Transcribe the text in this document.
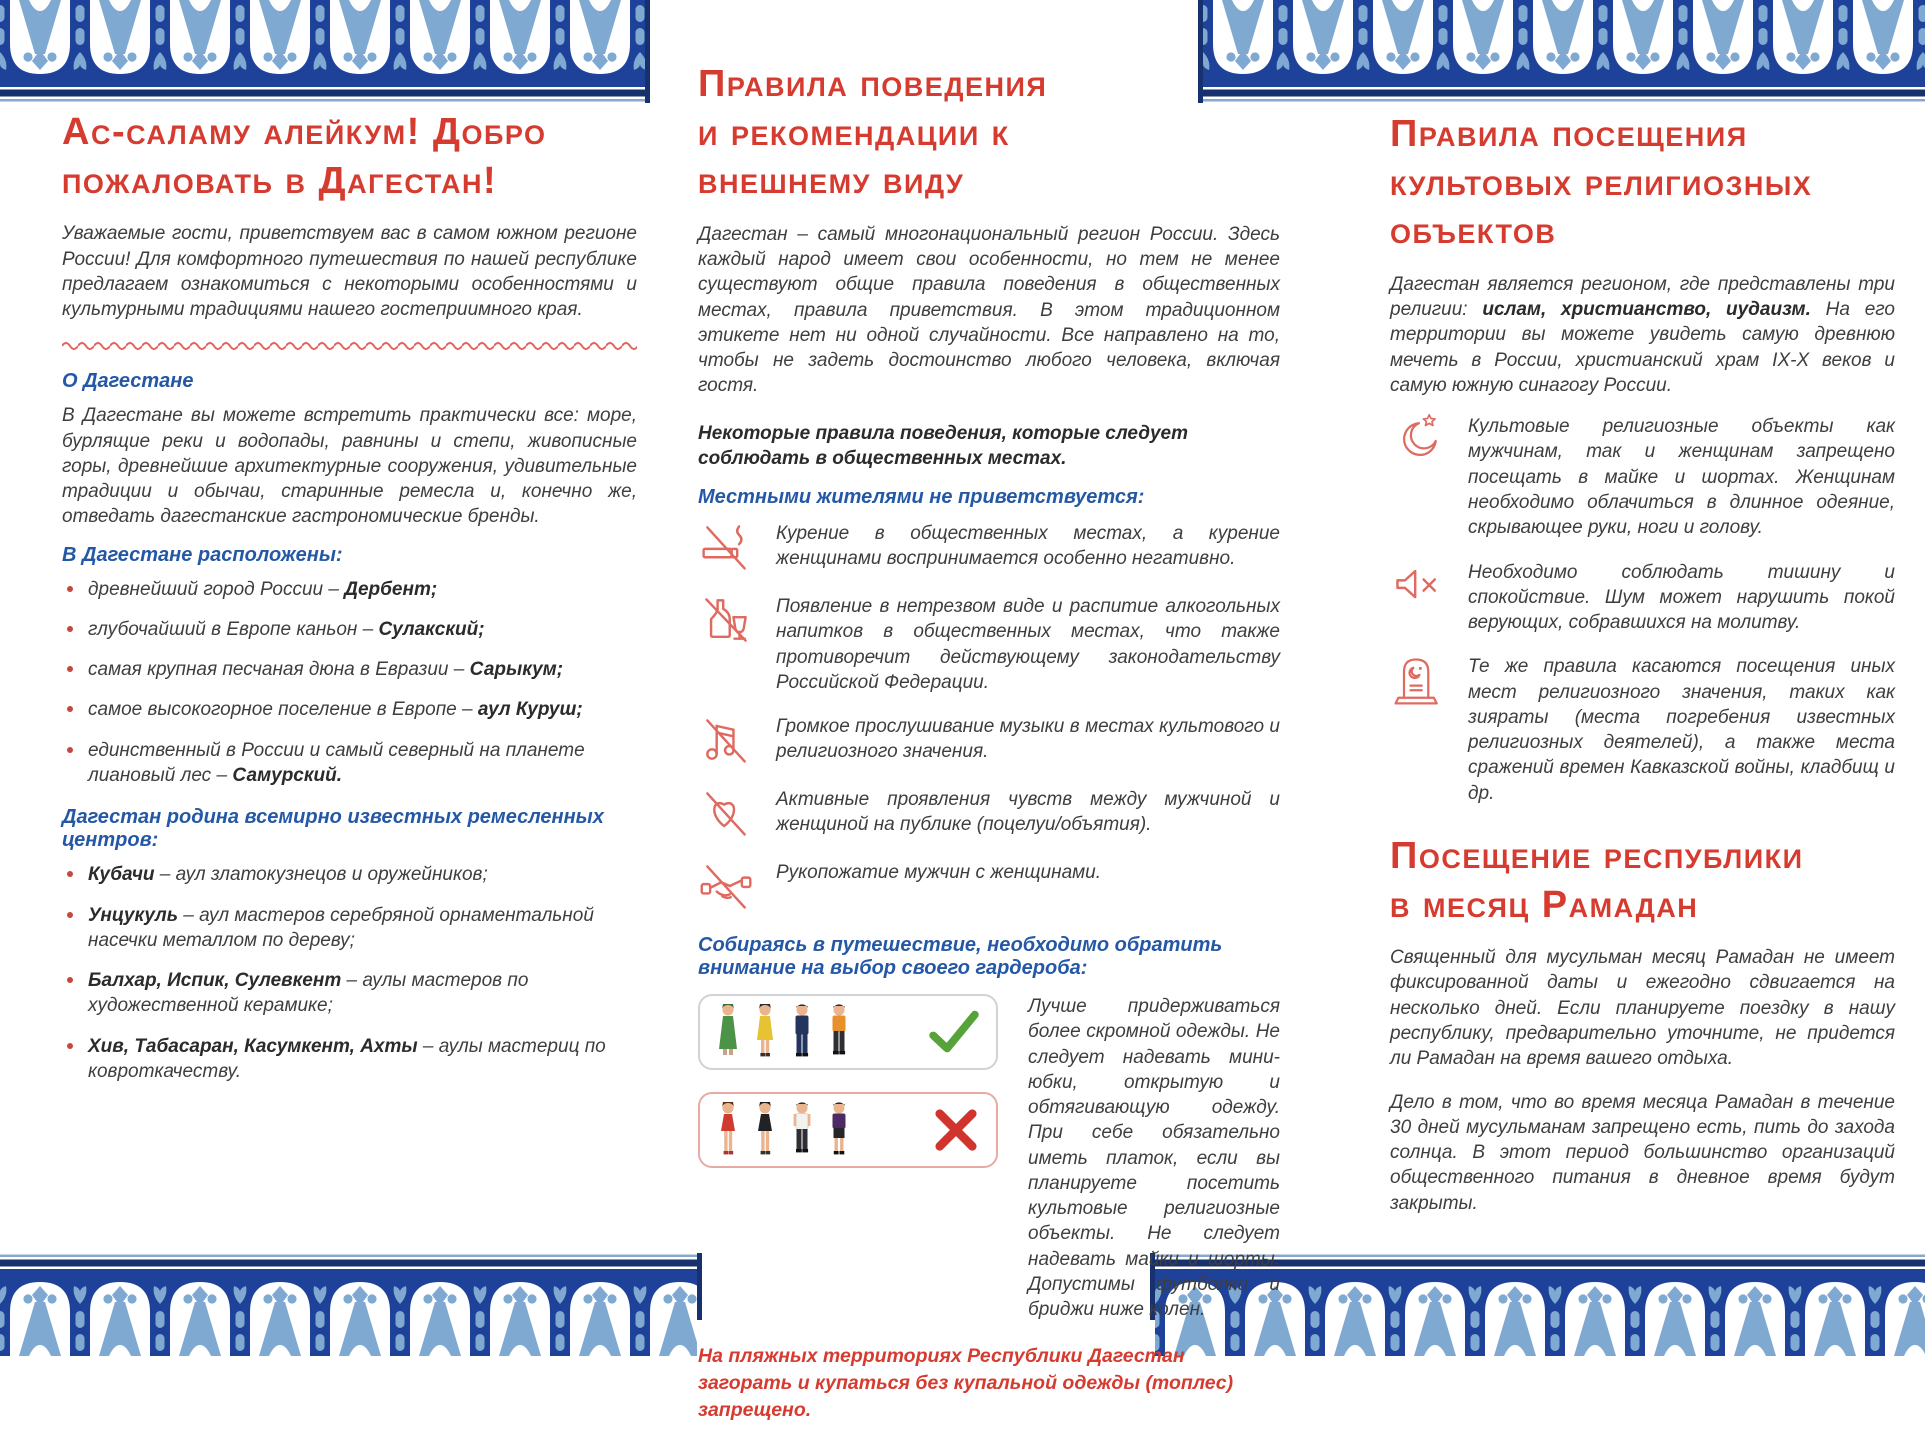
Ас-саламу алейкум! Добро
пожаловать в Дагестан!

Уважаемые гости, приветствуем вас в самом южном регионе России! Для комфортного путешествия по нашей республике предлагаем ознакомиться с некоторыми особенностями и культурными традициями нашего гостеприимного края.

О Дагестане

В Дагестане вы можете встретить практически все: море, бурлящие реки и водопады, равнины и степи, живописные горы, древнейшие архитектурные сооружения, удивительные традиции и обычаи, старинные ремесла и, конечно же, отведать дагестанские гастрономические бренды.

В Дагестане расположены:
древнейший город России – Дербент;
глубочайший в Европе каньон – Сулакский;
самая крупная песчаная дюна в Евразии – Сарыкум;
самое высокогорное поселение в Европе – аул Куруш;
единственный в России и самый северный на планете лиановый лес – Самурский.
Дагестан родина всемирно известных ремесленных центров:
Кубачи – аул златокузнецов и оружейников;
Унцукуль – аул мастеров серебряной орнаментальной насечки металлом по дереву;
Балхар, Испик, Сулевкент – аулы мастеров по художественной керамике;
Хив, Табасаран, Касумкент, Ахты – аулы мастериц по ковроткачеству.
Правила поведения
и рекомендации к
внешнему виду

Дагестан – самый многонациональный регион России. Здесь каждый народ имеет свои особенности, но тем не менее существуют общие правила поведения в общественных местах, правила приветствия. В этом традиционном этикете нет ни одной случайности. Все направлено на то, чтобы не задеть достоинство любого человека, включая гостя.

Некоторые правила поведения, которые следует соблюдать в общественных местах.

Местными жителями не приветствуется:
Курение в общественных местах, а курение женщинами воспринимается особенно негативно.
Появление в нетрезвом виде и распитие алкогольных напитков в общественных местах, что также противоречит действующему законодательству Российской Федерации.
Громкое прослушивание музыки в местах культового и религиозного значения.
Активные проявления чувств между мужчиной и женщиной на публике (поцелуи/объятия).
Рукопожатие мужчин с женщинами.
Собираясь в путешествие, необходимо обратить внимание на выбор своего гардероба:
Лучше придерживаться более скромной одежды. Не следует надевать мини-юбки, открытую и обтягивающую одежду. При себе обязательно иметь платок, если вы планируете посетить культовые религиозные объекты. Не следует надевать майки и шорты. Допустимы футболки и бриджи ниже колен.

На пляжных территориях Республики Дагестан загорать и купаться без купальной одежды (топлес) запрещено.

Правила посещения
культовых религиозных
объектов

Дагестан является регионом, где представлены три религии: ислам, христианство, иудаизм. На его территории вы можете увидеть самую древнюю мечеть в России, христианский храм IX-X веков и самую южную синагогу России.

Культовые религиозные объекты как мужчинам, так и женщинам запрещено посещать в майке и шортах. Женщинам необходимо облачиться в длинное одеяние, скрывающее руки, ноги и голову.
Необходимо соблюдать тишину и спокойствие. Шум может нарушить покой верующих, собравшихся на молитву.
Те же правила касаются посещения иных мест религиозного значения, таких как зияраты (места погребения известных религиозных деятелей), а также места сражений времен Кавказской войны, кладбищ и др.
Посещение республики
в месяц Рамадан

Священный для мусульман месяц Рамадан не имеет фиксированной даты и ежегодно сдвигается на несколько дней. Если планируете поездку в нашу республику, предварительно уточните, не придется ли Рамадан на время вашего отдыха.

Дело в том, что во время месяца Рамадан в течение 30 дней мусульманам запрещено есть, пить до захода солнца. В этот период большинство организаций общественного питания в дневное время будут закрыты.
